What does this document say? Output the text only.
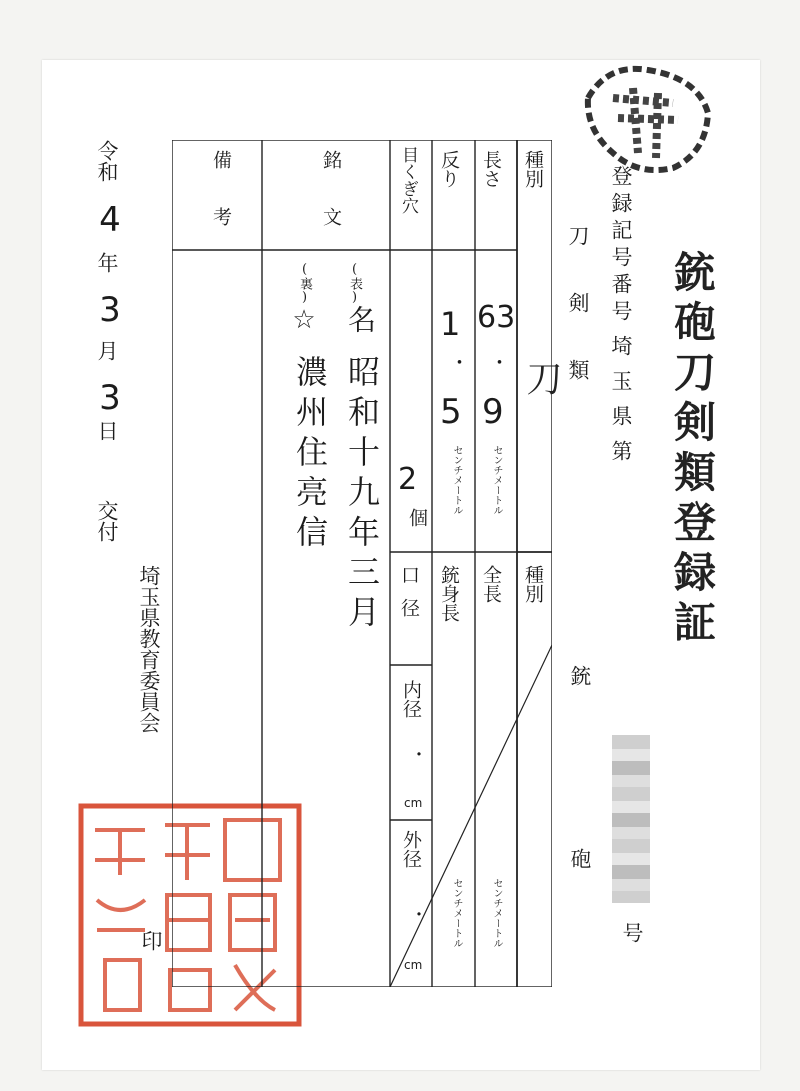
銃砲刀剣類登録証
登録記号番号
埼玉県第
号
刀剣類
銃
砲
令和
4
年
3
月
3
日
交付
埼玉県教育委員会
印
種別
長さ
反り
目くぎ穴
銘文
備考
刀
63
・
9
センチメートル
1
・
5
センチメートル
2
個
(表)
名
昭和十九年三月
(裏)
☆
濃州住亮信
種別
全長
銃身長
口径
内径
・
cm
外径
・
cm
センチメートル
センチメートル
